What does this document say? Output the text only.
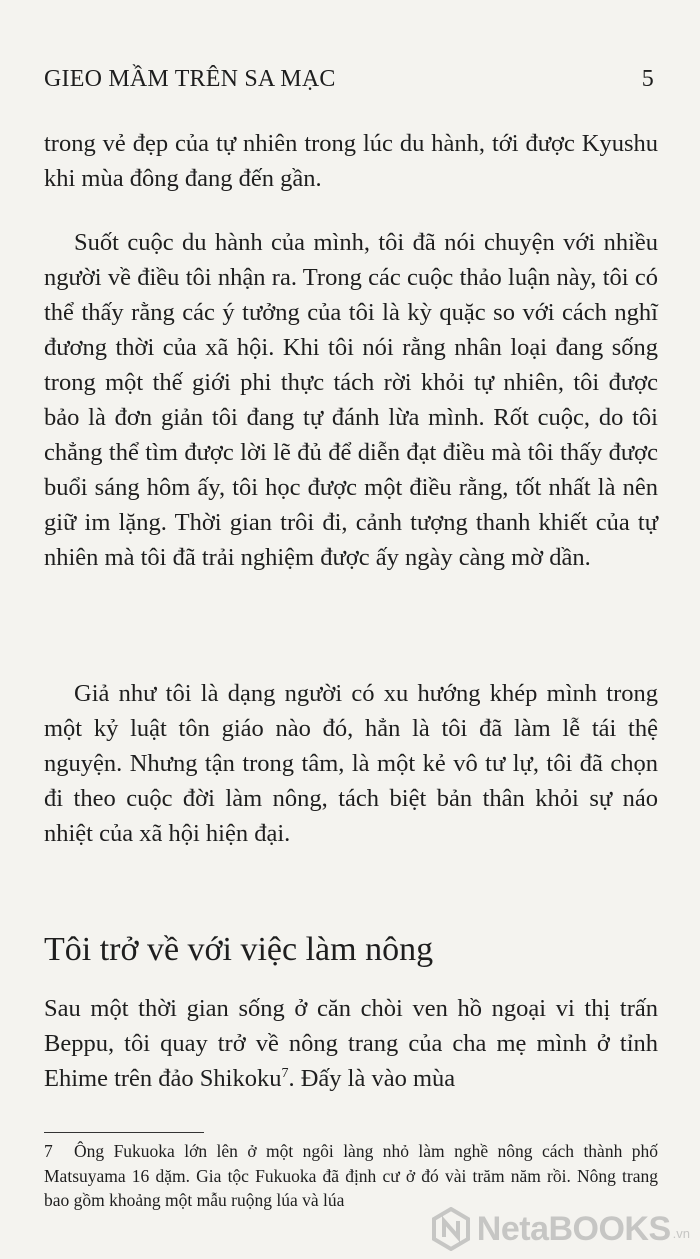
GIEO MẦM TRÊN SA MẠC	5

trong vẻ đẹp của tự nhiên trong lúc du hành, tới được Kyushu khi mùa đông đang đến gần.

Suốt cuộc du hành của mình, tôi đã nói chuyện với nhiều người về điều tôi nhận ra. Trong các cuộc thảo luận này, tôi có thể thấy rằng các ý tưởng của tôi là kỳ quặc so với cách nghĩ đương thời của xã hội. Khi tôi nói rằng nhân loại đang sống trong một thế giới phi thực tách rời khỏi tự nhiên, tôi được bảo là đơn giản tôi đang tự đánh lừa mình. Rốt cuộc, do tôi chẳng thể tìm được lời lẽ đủ để diễn đạt điều mà tôi thấy được buổi sáng hôm ấy, tôi học được một điều rằng, tốt nhất là nên giữ im lặng. Thời gian trôi đi, cảnh tượng thanh khiết của tự nhiên mà tôi đã trải nghiệm được ấy ngày càng mờ dần.

Giả như tôi là dạng người có xu hướng khép mình trong một kỷ luật tôn giáo nào đó, hẳn là tôi đã làm lễ tái thệ nguyện. Nhưng tận trong tâm, là một kẻ vô tư lự, tôi đã chọn đi theo cuộc đời làm nông, tách biệt bản thân khỏi sự náo nhiệt của xã hội hiện đại.

Tôi trở về với việc làm nông

Sau một thời gian sống ở căn chòi ven hồ ngoại vi thị trấn Beppu, tôi quay trở về nông trang của cha mẹ mình ở tỉnh Ehime trên đảo Shikoku$^7$. Đấy là vào mùa

7 Ông Fukuoka lớn lên ở một ngôi làng nhỏ làm nghề nông cách thành phố Matsuyama 16 dặm. Gia tộc Fukuoka đã định cư ở đó vài trăm năm rồi. Nông trang bao gồm khoảng một mẫu ruộng lúa và lúa
NetaBOOKS .vn
